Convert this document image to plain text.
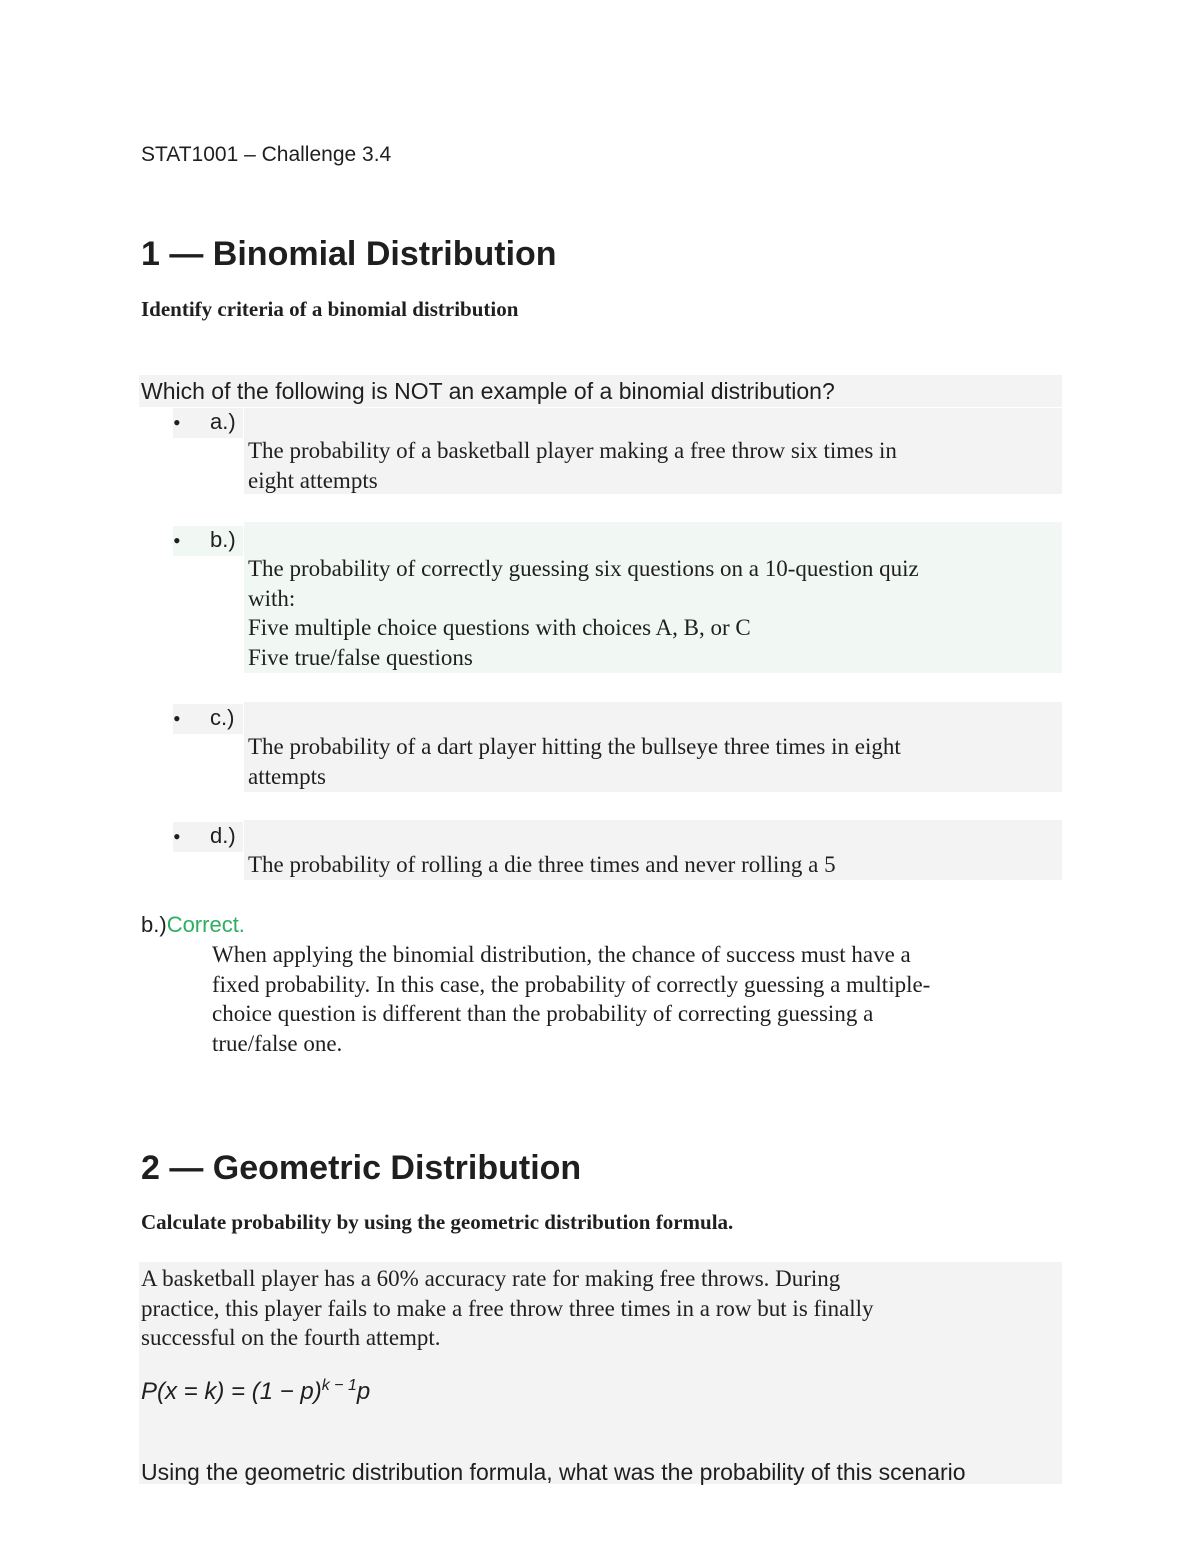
STAT1001 – Challenge 3.4
1 — Binomial Distribution

Identify criteria of a binomial distribution

Which of the following is NOT an example of a binomial distribution?
• a.)
The probability of a basketball player making a free throw six times in
eight attempts
• b.)
The probability of correctly guessing six questions on a 10-question quiz
with:
Five multiple choice questions with choices A, B, or C
Five true/false questions
• c.)
The probability of a dart player hitting the bullseye three times in eight
attempts
• d.)
The probability of rolling a die three times and never rolling a 5
b.)Correct.
When applying the binomial distribution, the chance of success must have a
fixed probability. In this case, the probability of correctly guessing a multiple-
choice question is different than the probability of correcting guessing a
true/false one.
2 — Geometric Distribution

Calculate probability by using the geometric distribution formula.

A basketball player has a 60% accuracy rate for making free throws. During
practice, this player fails to make a free throw three times in a row but is finally
successful on the fourth attempt.
$P(x = k) = (1 - p)^{k - 1}p$
Using the geometric distribution formula, what was the probability of this scenario
